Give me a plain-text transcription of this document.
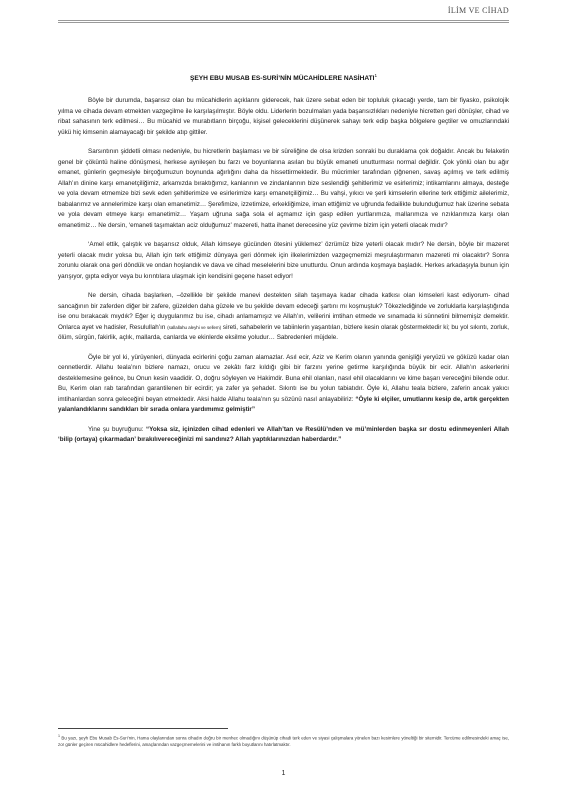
İLİM VE CİHAD
ŞEYH EBU MUSAB ES-SURİ’NİN MÜCAHİDLERE NASİHATI$^1$

Böyle bir durumda, başarısız olan bu mücahidlerin açıklarını giderecek, hak üzere sebat eden bir topluluk çıkacağı yerde, tam bir fiyasko, psikolojik yılma ve cihada devam etmekten vazgeçilme ile karşılaşılmıştır. Böyle oldu. Liderlerin bozulmaları yada başarısızlıkları nedeniyle hicretten geri dönüşler, cihad ve ribat sahasının terk edilmesi… Bu mücahid ve murabıtların birçoğu, kişisel geleceklerini düşünerek sahayı terk edip başka bölgelere geçtiler ve omuzlarındaki yükü hiç kimsenin alamayacağı bir şekilde atıp gittiler.

Sarsıntının şiddetli olması nedeniyle, bu hicretlerin başlaması ve bir süreliğine de olsa krizden sonraki bu duraklama çok doğaldır. Ancak bu felaketin genel bir çöküntü haline dönüşmesi, herkese aynileşen bu farzı ve boyunlarına asılan bu büyük emaneti unutturması normal değildir. Çok yönlü olan bu ağır emanet, günlerin geçmesiyle birçoğumuzun boynunda ağırlığını daha da hissettirmektedir. Bu mücrimler tarafından çiğnenen, savaş açılmış ve terk edilmiş Allah’ın dinine karşı emanetçiliğimiz, arkamızda bıraktığımız, kanlarının ve zindanlarının bize seslendiği şehitlerimiz ve esirlerimiz; intikamlarını almaya, desteğe ve yola devam etmemize bizi sevk eden şehitlerimize ve esirlerimize karşı emanetçiliğimiz… Bu vahşi, yıkıcı ve şerli kimselerin ellerine terk ettiğimiz ailelerimiz, babalarımız ve annelerimize karşı olan emanetimiz… Şerefimize, izzetimize, erkekliğimize, iman ettiğimiz ve uğrunda fedailikte bulunduğumuz hak üzerine sebata ve yola devam etmeye karşı emanetimiz… Yaşam uğruna sağa sola el açmamız için gasp edilen yurtlarımıza, mallarımıza ve rızıklarımıza karşı olan emanetimiz… Ne dersin, ‘emaneti taşımaktan aciz olduğumuz’ mazereti, hatta ihanet derecesine yüz çevirme bizim için yeterli olacak mıdır?

‘Amel ettik, çalıştık ve başarısız olduk, Allah kimseye gücünden ötesini yüklemez’ özrümüz bize yeterli olacak mıdır? Ne dersin, böyle bir mazeret yeterli olacak mıdır yoksa bu, Allah için terk ettiğimiz dünyaya geri dönmek için ilkelerimizden vazgeçmemizi meşrulaştırmanın mazereti mi olacaktır? Sonra zorunlu olarak ona geri döndük ve ondan hoşlandık ve dava ve cihad meselelerini bize unutturdu. Onun ardında koşmaya başladık. Herkes arkadaşıyla bunun için yarışıyor, gıpta ediyor veya bu kırıntılara ulaşmak için kendisini geçene haset ediyor!

Ne dersin, cihada başlarken, –özellikle bir şekilde manevi destekten silah taşımaya kadar cihada katkısı olan kimseleri kast ediyorum- cihad sancağının bir zaferden diğer bir zafere, güzelden daha güzele ve bu şekilde devam edeceği şartını mı koşmuştuk? Tökezlediğinde ve zorluklarla karşılaştığında ise onu bırakacak mıydık? Eğer iç duygularımız bu ise, cihadı anlamamışız ve Allah’ın, velilerini imtihan etmede ve sınamada ki sünnetini bilmemişiz demektir. Onlarca ayet ve hadisler, Resulullah’ın (sallallahu aleyhi ve sellem) sireti, sahabelerin ve tabiinlerin yaşantıları, bizlere kesin olarak göstermektedir ki; bu yol sıkıntı, zorluk, ölüm, sürgün, fakirlik, açlık, mallarda, canlarda ve ekinlerde eksilme yoludur… Sabredenleri müjdele.

Öyle bir yol ki, yürüyenleri, dünyada ecirlerini çoğu zaman alamazlar. Asıl ecir, Aziz ve Kerim olanın yanında genişliği yeryüzü ve göküzü kadar olan cennetlerdir. Allahu teala’nın bizlere namazı, orucu ve zekâtı farz kıldığı gibi bir farzını yerine getirme karşılığında büyük bir ecir. Allah’ın askerlerini desteklemesine gelince, bu Onun kesin vaadidir. O, doğru söyleyen ve Hakimdir. Buna ehil olanları, nasıl ehil olacaklarını ve kime başarı vereceğini bilende odur. Bu, Kerim olan rab tarafından garantilenen bir ecirdir; ya zafer ya şehadet. Sıkıntı ise bu yolun tabiatıdır. Öyle ki, Allahu teala bizlere, zaferin ancak yakıcı imtihanlardan sonra geleceğini beyan etmektedir. Aksi halde Allahu teala’nın şu sözünü nasıl anlayabiliriz: “Öyle ki elçiler, umutlarını kesip de, artık gerçekten yalanlandıklarını sandıkları bir sırada onlara yardımımız gelmiştir”

Yine şu buyruğunu: “Yoksa siz, içinizden cihad edenleri ve Allah’tan ve Resülü’nden ve mü’minlerden başka sır dostu edinmeyenleri Allah ‘bilip (ortaya) çıkarmadan’ bırakılıvereceğinizi mi sandınız? Allah yaptıklarınızdan haberdardır.”

$^1$ Bu yazı, şeyh Ebu Musab Es-Suri’nin, Hama olaylarından sonra cihadın doğru bir menhec olmadığını düşünüp cihadi terk eden ve siyasi çalışmalara yönelen bazı kesimlere yöneltiği bir sitemidir. Tercüme edilmesindeki amaç ise, zor günler geçiren mücahidlere hedeflerini, amaçlarından vazgeçmemelerini ve imtihanın farklı boyutlarını hatırlatmaktır.
1
